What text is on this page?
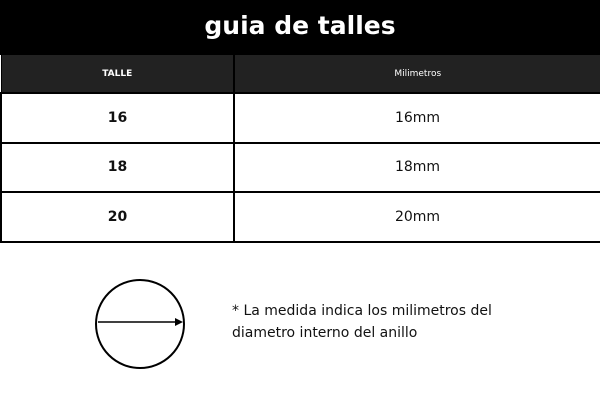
guia de talles
TALLE	Milimetros
16	16mm
18	18mm
20	20mm
* La medida indica los milimetros del
diametro interno del anillo
